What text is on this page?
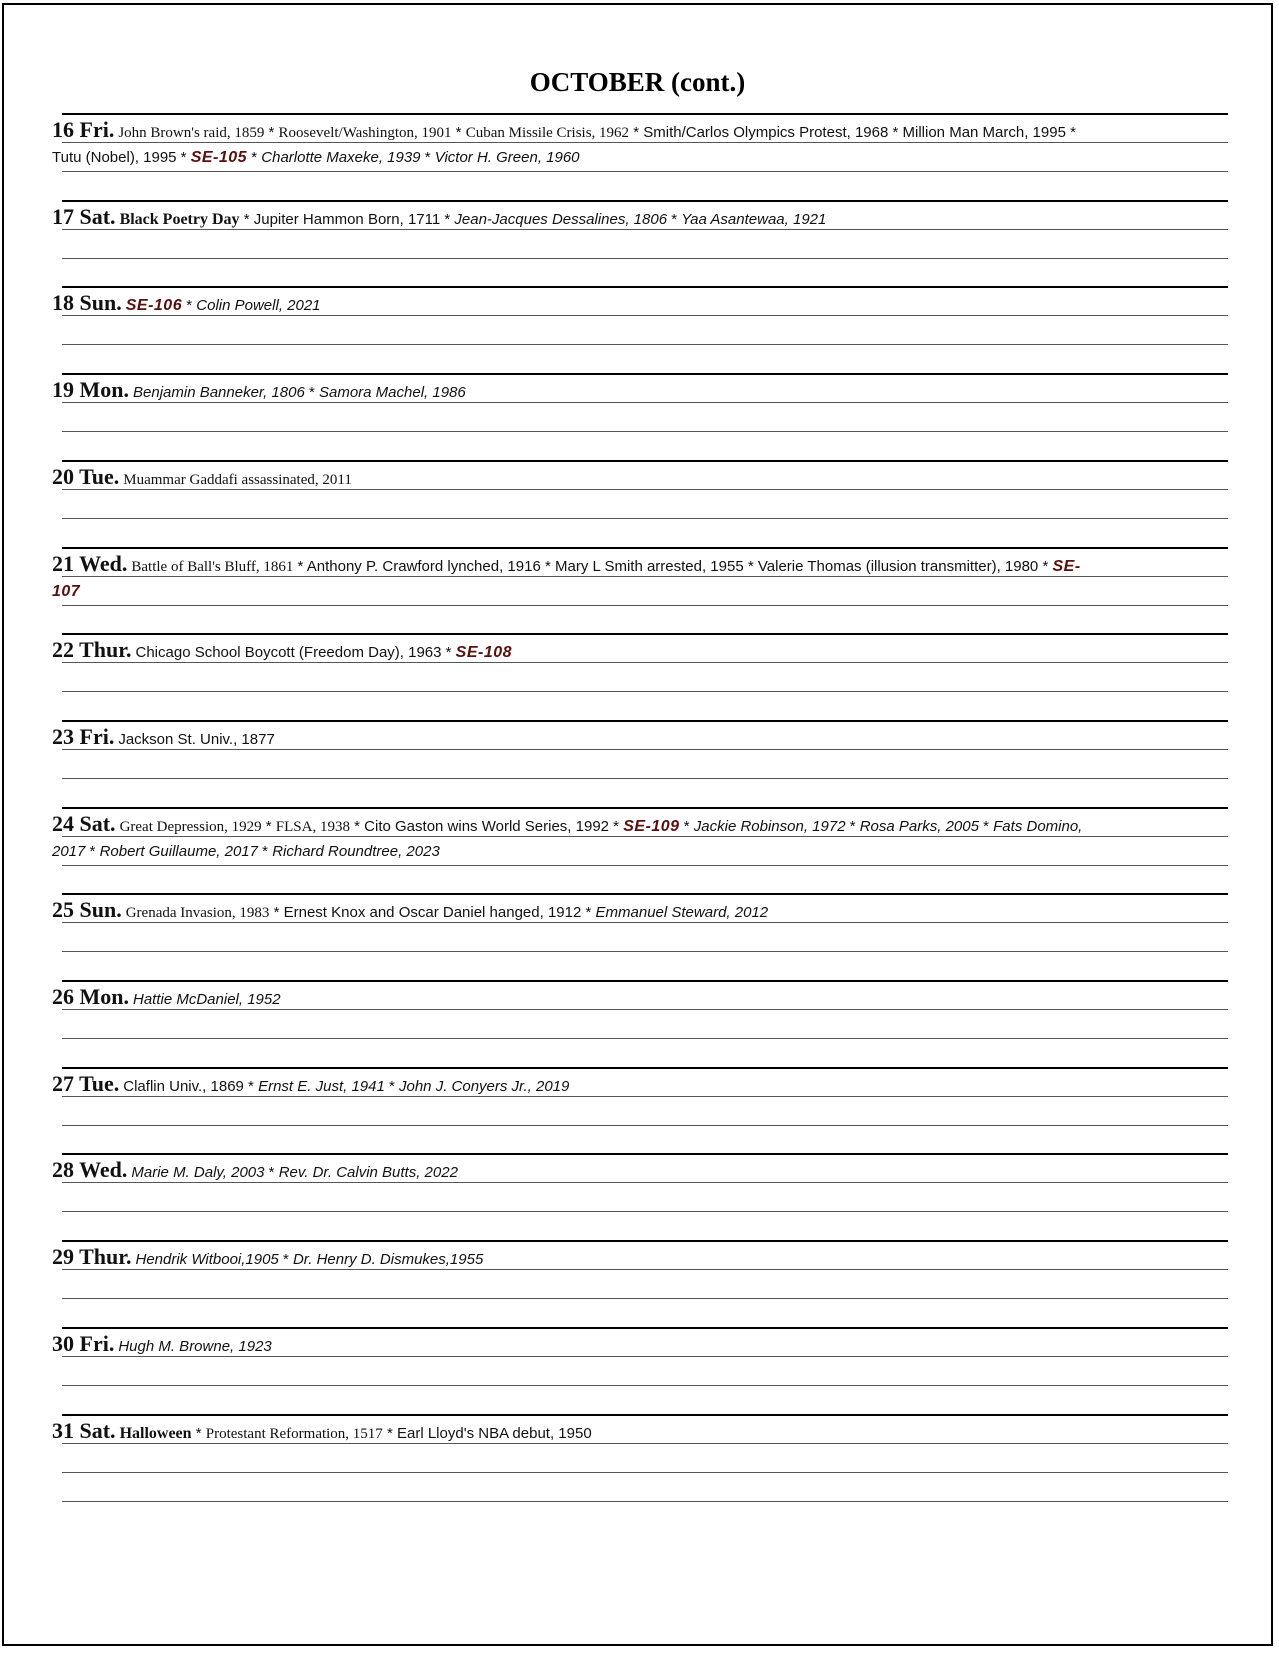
OCTOBER (cont.)
16 Fri. John Brown's raid, 1859 * Roosevelt/Washington, 1901 * Cuban Missile Crisis, 1962 * Smith/Carlos Olympics Protest, 1968 * Million Man March, 1995 *
Tutu (Nobel), 1995 * SE-105 * Charlotte Maxeke, 1939 * Victor H. Green, 1960
17 Sat. Black Poetry Day * Jupiter Hammon Born, 1711 * Jean-Jacques Dessalines, 1806 * Yaa Asantewaa, 1921
18 Sun. SE-106 * Colin Powell, 2021
19 Mon. Benjamin Banneker, 1806 * Samora Machel, 1986
20 Tue. Muammar Gaddafi assassinated, 2011
21 Wed. Battle of Ball's Bluff, 1861 * Anthony P. Crawford lynched, 1916 * Mary L Smith arrested, 1955 * Valerie Thomas (illusion transmitter), 1980 * SE-
107
22 Thur. Chicago School Boycott (Freedom Day), 1963 * SE-108
23 Fri. Jackson St. Univ., 1877
24 Sat. Great Depression, 1929 * FLSA, 1938 * Cito Gaston wins World Series, 1992 * SE-109 * Jackie Robinson, 1972 * Rosa Parks, 2005 * Fats Domino,
2017 * Robert Guillaume, 2017 * Richard Roundtree, 2023
25 Sun. Grenada Invasion, 1983 * Ernest Knox and Oscar Daniel hanged, 1912 * Emmanuel Steward, 2012
26 Mon. Hattie McDaniel, 1952
27 Tue. Claflin Univ., 1869 * Ernst E. Just, 1941 * John J. Conyers Jr., 2019
28 Wed. Marie M. Daly, 2003 * Rev. Dr. Calvin Butts, 2022
29 Thur. Hendrik Witbooi,1905 * Dr. Henry D. Dismukes,1955
30 Fri. Hugh M. Browne, 1923
31 Sat. Halloween * Protestant Reformation, 1517 * Earl Lloyd's NBA debut, 1950
